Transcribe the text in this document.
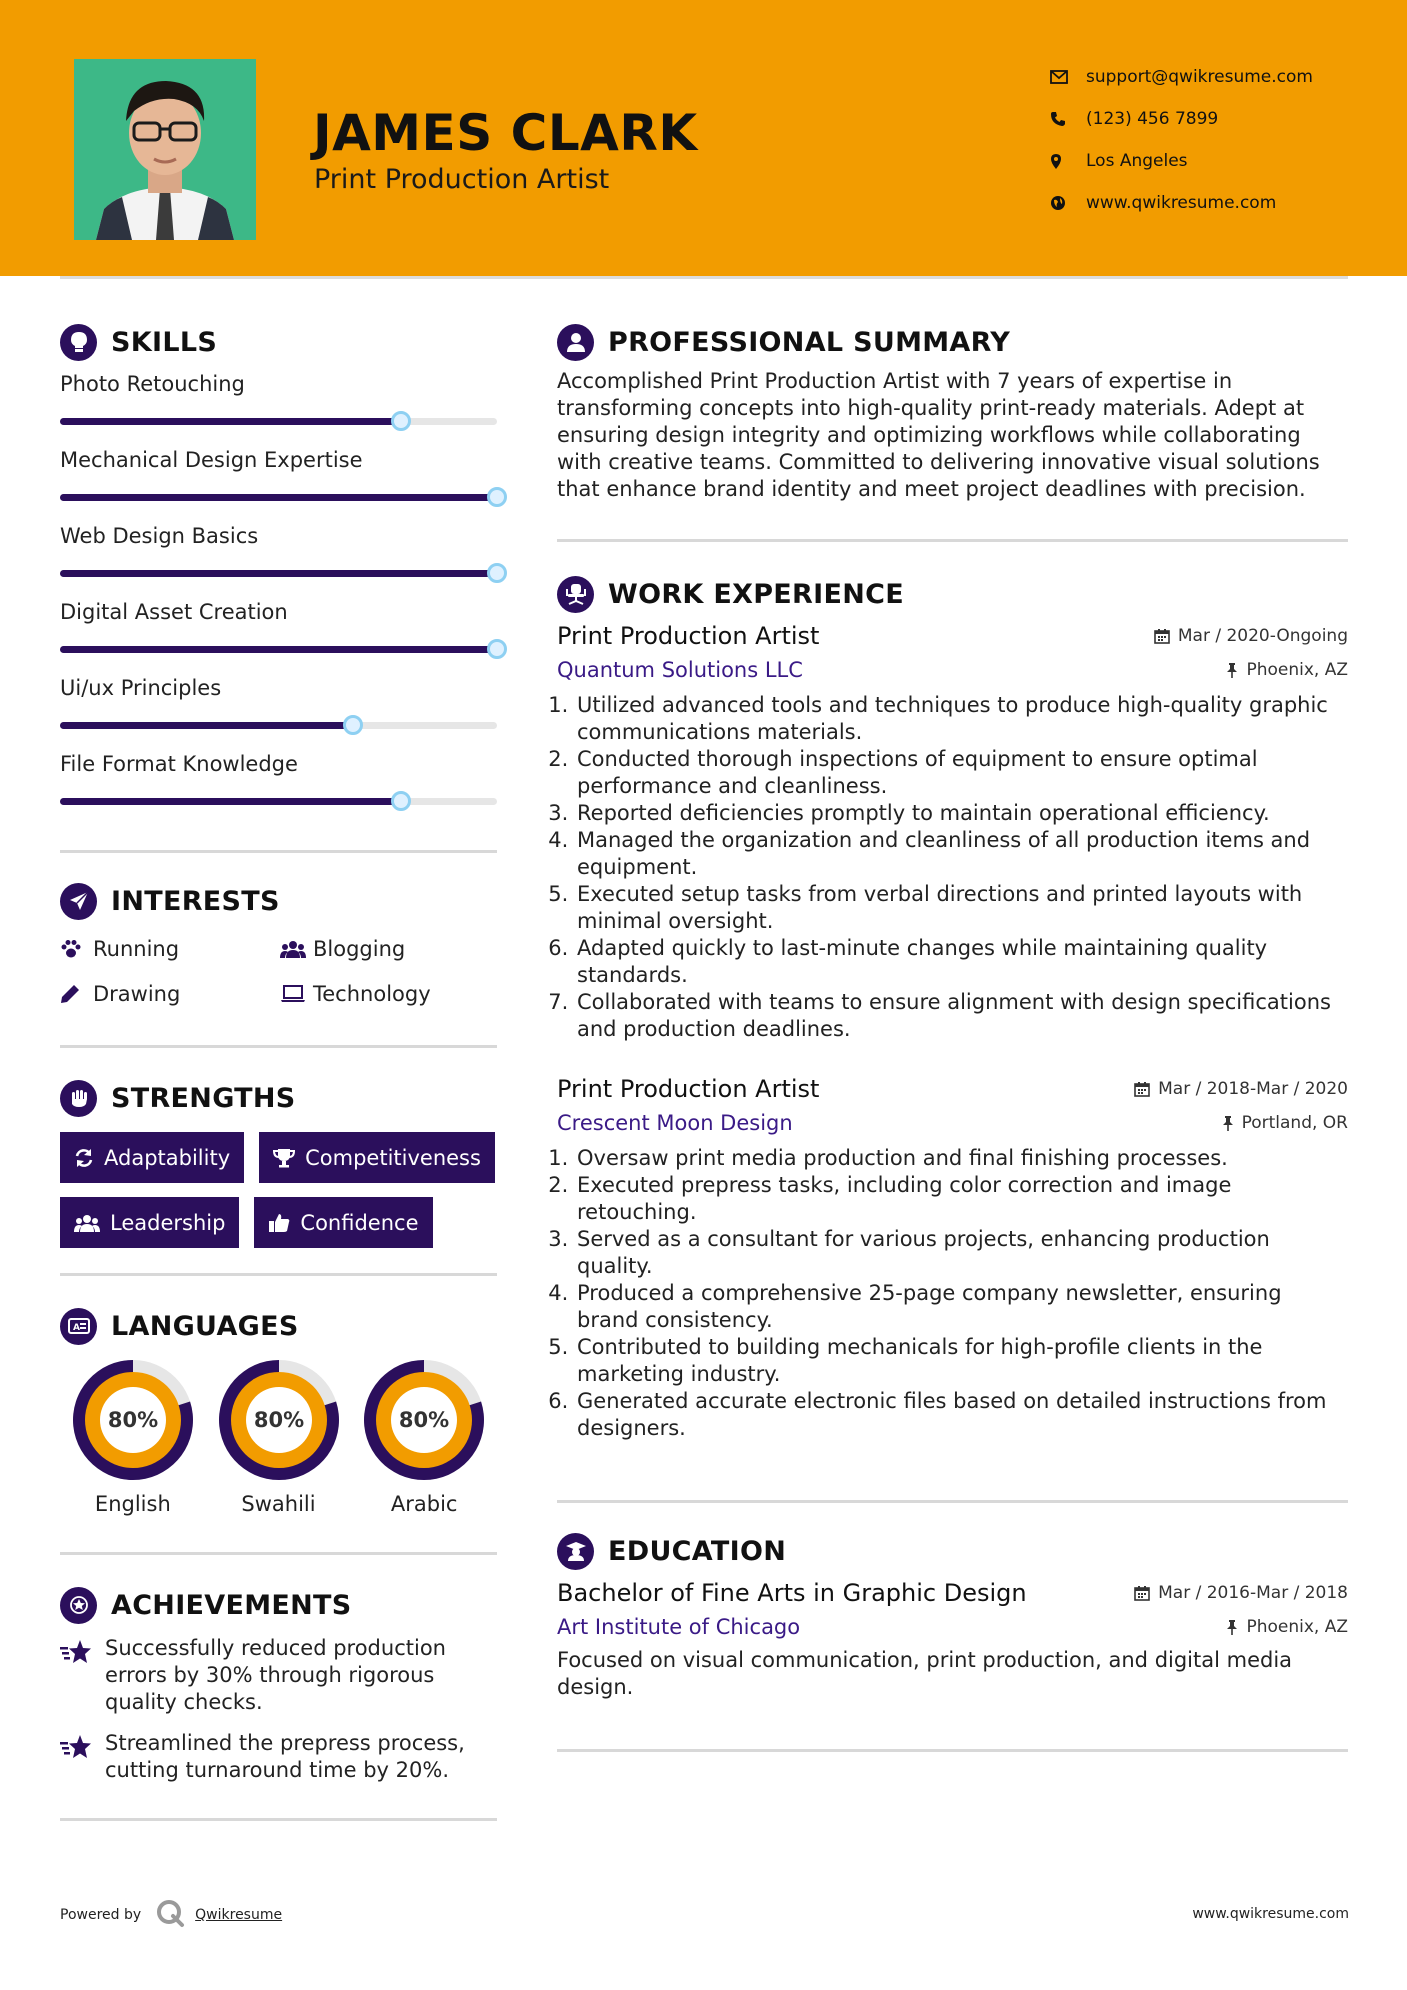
JAMES CLARK
Print Production Artist
support@qwikresume.com
(123) 456 7899
Los Angeles
www.qwikresume.com
SKILLS
Photo Retouching
Mechanical Design Expertise
Web Design Basics
Digital Asset Creation
Ui/ux Principles
File Format Knowledge
INTERESTS
Running	Blogging
Drawing	Technology
STRENGTHS
Adaptability	Competitiveness
Leadership	Confidence
A LANGUAGES
80%
English
80%
Swahili
80%
Arabic
ACHIEVEMENTS
Successfully reduced production errors by 30% through rigorous quality checks.
Streamlined the prepress process, cutting turnaround time by 20%.
PROFESSIONAL SUMMARY

Accomplished Print Production Artist with 7 years of expertise in transforming concepts into high-quality print-ready materials. Adept at ensuring design integrity and optimizing workflows while collaborating with creative teams. Committed to delivering innovative visual solutions that enhance brand identity and meet project deadlines with precision.

WORK EXPERIENCE
Print Production Artist	Mar / 2020-Ongoing
Quantum Solutions LLC	Phoenix, AZ
1. Utilized advanced tools and techniques to produce high-quality graphic communications materials.
2. Conducted thorough inspections of equipment to ensure optimal performance and cleanliness.
3. Reported deficiencies promptly to maintain operational efficiency.
4. Managed the organization and cleanliness of all production items and equipment.
5. Executed setup tasks from verbal directions and printed layouts with minimal oversight.
6. Adapted quickly to last-minute changes while maintaining quality standards.
7. Collaborated with teams to ensure alignment with design specifications and production deadlines.
Print Production Artist	Mar / 2018-Mar / 2020
Crescent Moon Design	Portland, OR
1. Oversaw print media production and final finishing processes.
2. Executed prepress tasks, including color correction and image retouching.
3. Served as a consultant for various projects, enhancing production quality.
4. Produced a comprehensive 25-page company newsletter, ensuring brand consistency.
5. Contributed to building mechanicals for high-profile clients in the marketing industry.
6. Generated accurate electronic files based on detailed instructions from designers.
EDUCATION
Bachelor of Fine Arts in Graphic Design	Mar / 2016-Mar / 2018
Art Institute of Chicago	Phoenix, AZ

Focused on visual communication, print production, and digital media design.

Powered by	Qwikresume	www.qwikresume.com
